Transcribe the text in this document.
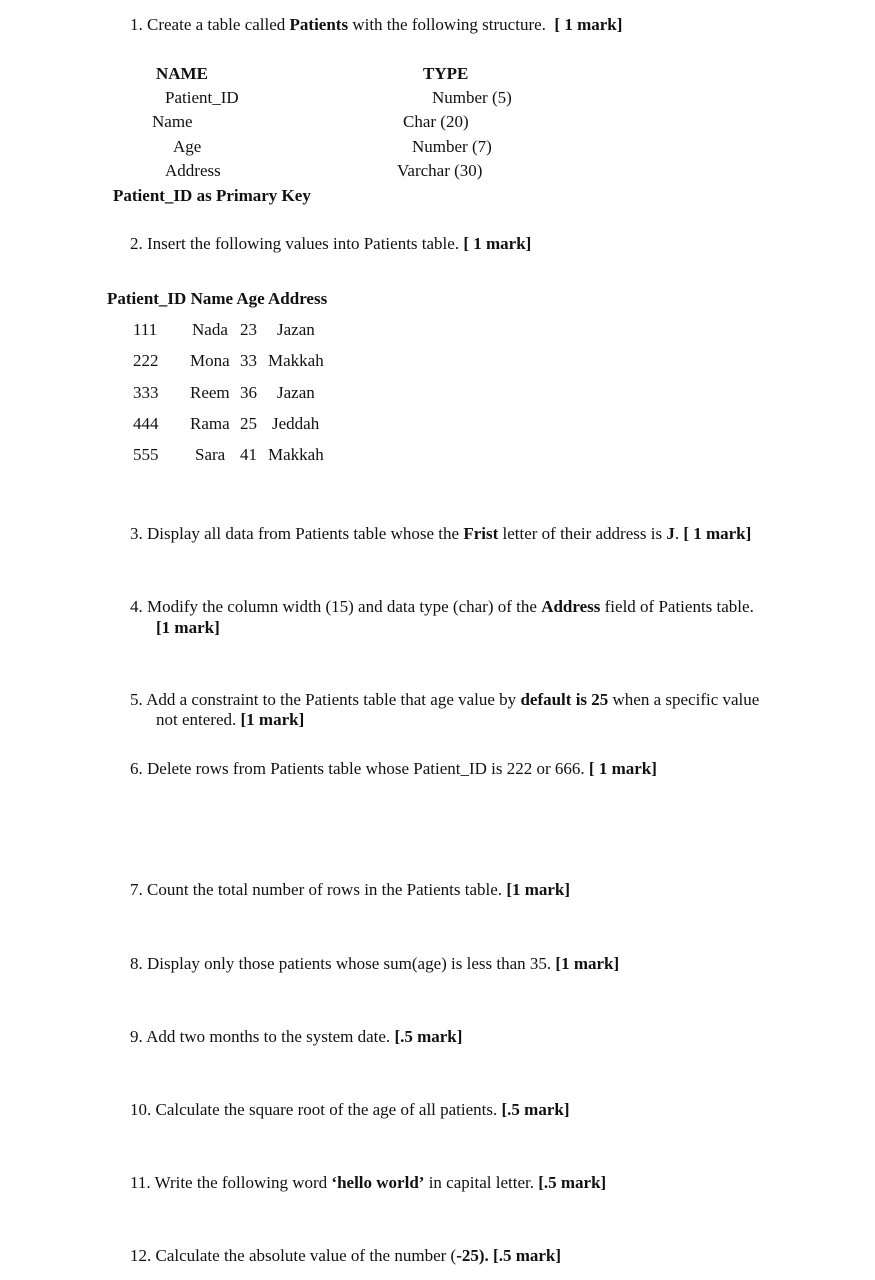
1. Create a table called Patients with the following structure. [ 1 mark]
NAME	TYPE
Patient_ID	Number (5)
Name	Char (20)
Age	Number (7)
Address	Varchar (30)
Patient_ID as Primary Key
2. Insert the following values into Patients table. [ 1 mark]
Patient_ID Name Age Address
111 Nada 23 Jazan
222 Mona 33 Makkah
333 Reem 36 Jazan
444 Rama 25 Jeddah
555 Sara 41 Makkah
3. Display all data from Patients table whose the Frist letter of their address is J. [ 1 mark]
4. Modify the column width (15) and data type (char) of the Address field of Patients table.
[1 mark]
5. Add a constraint to the Patients table that age value by default is 25 when a specific value
not entered. [1 mark]
6. Delete rows from Patients table whose Patient_ID is 222 or 666. [ 1 mark]
7. Count the total number of rows in the Patients table. [1 mark]
8. Display only those patients whose sum(age) is less than 35. [1 mark]
9. Add two months to the system date. [.5 mark]
10. Calculate the square root of the age of all patients. [.5 mark]
11. Write the following word ‘hello world’ in capital letter. [.5 mark]
12. Calculate the absolute value of the number (-25). [.5 mark]
